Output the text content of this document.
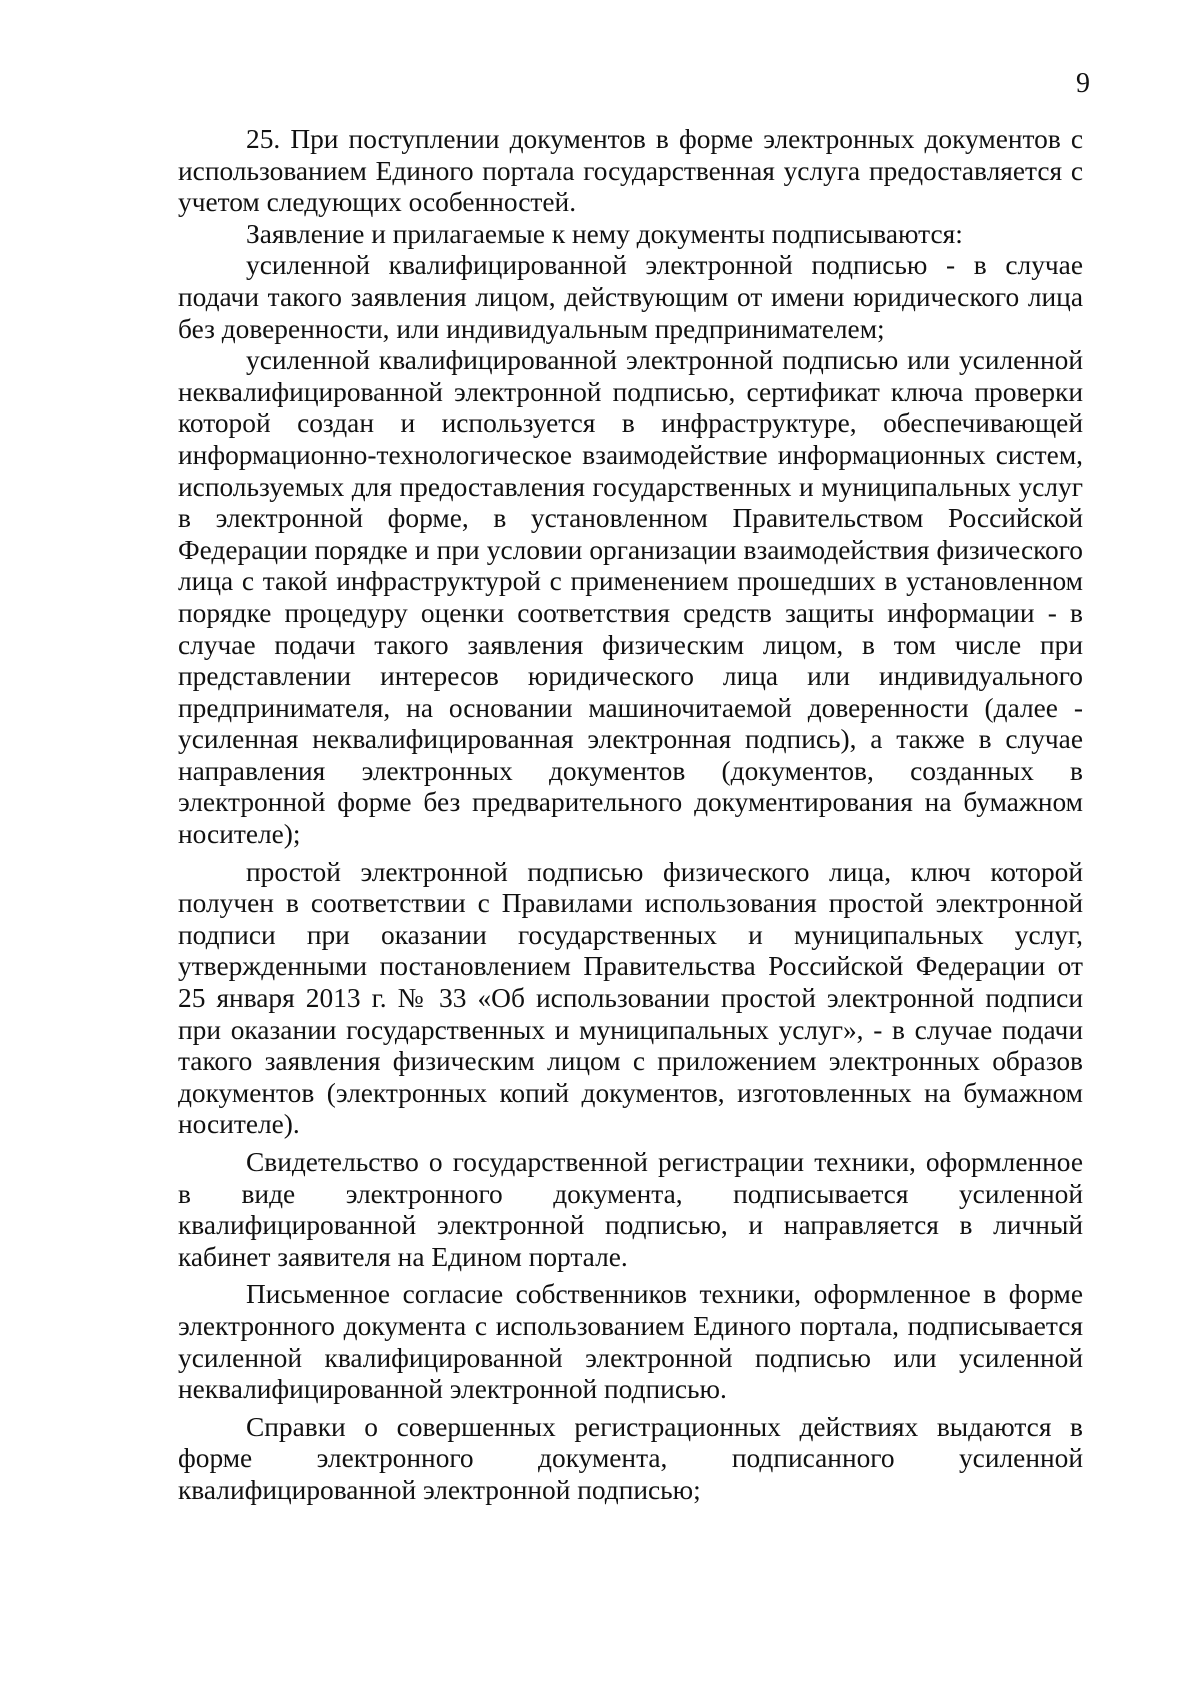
9

25. При поступлении документов в форме электронных документов с использованием Единого портала государственная услуга предоставляется с учетом следующих особенностей.

Заявление и прилагаемые к нему документы подписываются:

усиленной квалифицированной электронной подписью - в случае подачи такого заявления лицом, действующим от имени юридического лица без доверенности, или индивидуальным предпринимателем;

усиленной квалифицированной электронной подписью или усиленной неквалифицированной электронной подписью, сертификат ключа проверки которой создан и используется в инфраструктуре, обеспечивающей информационно-технологическое взаимодействие информационных систем, используемых для предоставления государственных и муниципальных услуг в электронной форме, в установленном Правительством Российской Федерации порядке и при условии организации взаимодействия физического лица с такой инфраструктурой с применением прошедших в установленном порядке процедуру оценки соответствия средств защиты информации - в случае подачи такого заявления физическим лицом, в том числе при представлении интересов юридического лица или индивидуального предпринимателя, на основании машиночитаемой доверенности (далее - усиленная неквалифицированная электронная подпись), а также в случае направления электронных документов (документов, созданных в электронной форме без предварительного документирования на бумажном носителе);

простой электронной подписью физического лица, ключ которой получен в соответствии с Правилами использования простой электронной подписи при оказании государственных и муниципальных услуг, утвержденными постановлением Правительства Российской Федерации от 25 января 2013 г. № 33 «Об использовании простой электронной подписи при оказании государственных и муниципальных услуг», - в случае подачи такого заявления физическим лицом с приложением электронных образов документов (электронных копий документов, изготовленных на бумажном носителе).

Свидетельство о государственной регистрации техники, оформленное в виде электронного документа, подписывается усиленной квалифицированной электронной подписью, и направляется в личный кабинет заявителя на Едином портале.

Письменное согласие собственников техники, оформленное в форме электронного документа с использованием Единого портала, подписывается усиленной квалифицированной электронной подписью или усиленной неквалифицированной электронной подписью.

Справки о совершенных регистрационных действиях выдаются в форме электронного документа, подписанного усиленной квалифицированной электронной подписью;
